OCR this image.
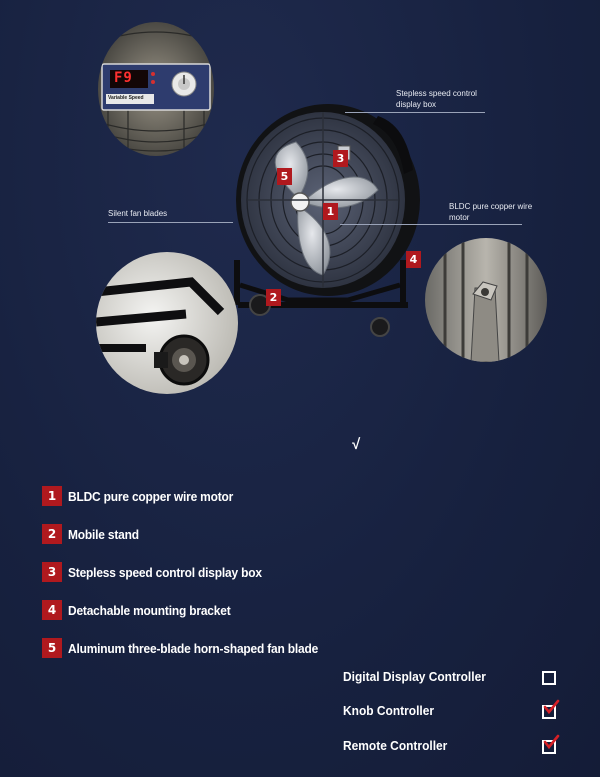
F9
Variable Speed	Stepless speed control display box
Silent fan blades
BLDC pure copper wire motor
1
2
3
4
5
√
1 BLDC pure copper wire motor
2 Mobile stand
3 Stepless speed control display box
4 Detachable mounting bracket
5 Aluminum three-blade horn-shaped fan blade
Digital Display Controller
Knob Controller
Remote Controller
